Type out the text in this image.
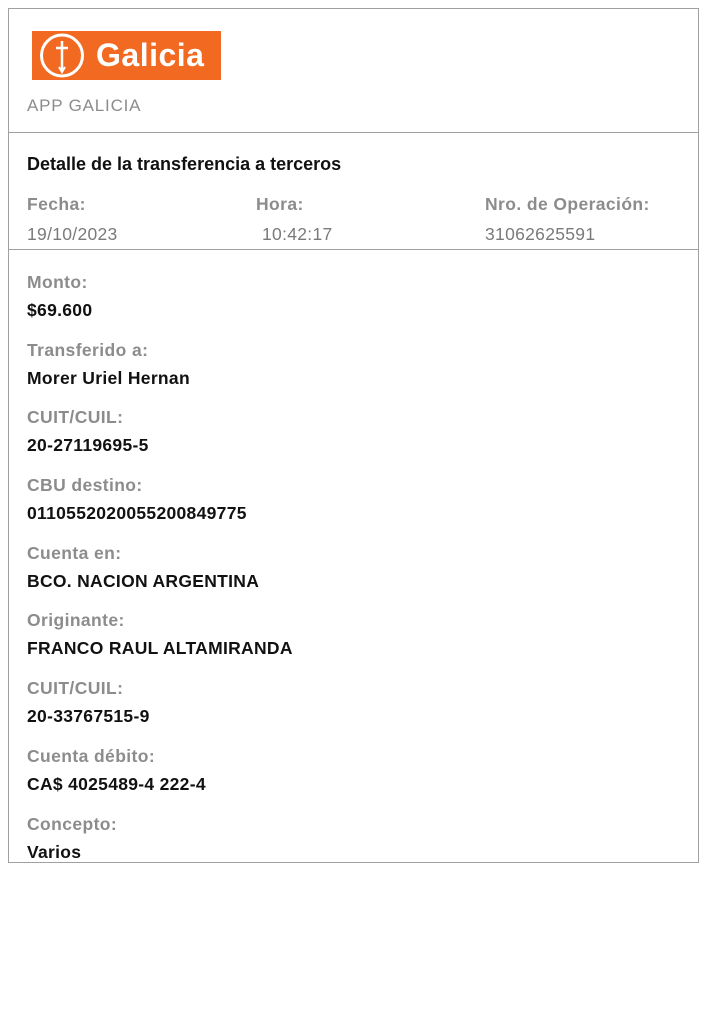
Galicia
APP GALICIA
Detalle de la transferencia a terceros
Fecha:
19/10/2023
Hora:
10:42:17
Nro. de Operación:
31062625591
Monto:
$69.600
Transferido a:
Morer Uriel Hernan
CUIT/CUIL:
20-27119695-5
CBU destino:
0110552020055200849775
Cuenta en:
BCO. NACION ARGENTINA
Originante:
FRANCO RAUL ALTAMIRANDA
CUIT/CUIL:
20-33767515-9
Cuenta débito:
CA$ 4025489-4 222-4
Concepto:
Varios
